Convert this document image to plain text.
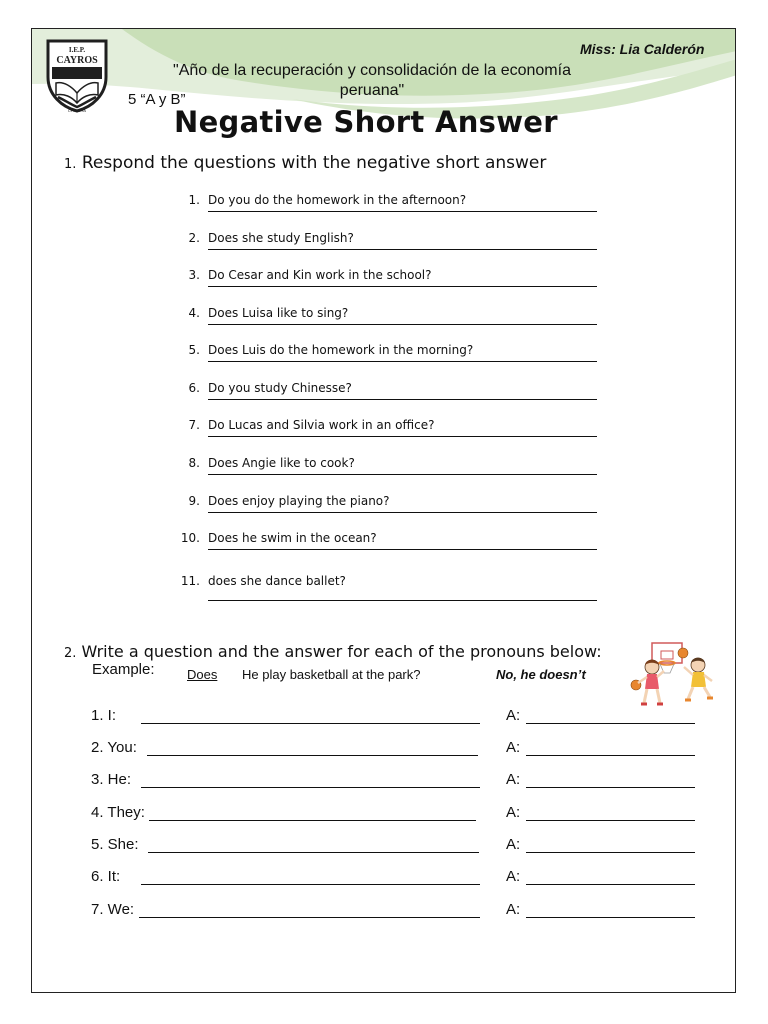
I.E.P.
CAYROS
CHINCHA
Miss: Lia Calderón
"Año de la recuperación y consolidación de la economía peruana"
5 “A y B”
Negative Short Answer
1. Respond the questions with the negative short answer
1. Do you do the homework in the afternoon?
2. Does she study English?
3. Do Cesar and Kin work in the school?
4. Does Luisa like to sing?
5. Does Luis do the homework in the morning?
6. Do you study Chinesse?
7. Do Lucas and Silvia work in an office?
8. Does Angie like to cook?
9. Does enjoy playing the piano?
10. Does he swim in the ocean?
11. does she dance ballet?
2. Write a question and the answer for each of the pronouns below:
Example: Does He play basketball at the park?	No, he doesn’t
1. I:	A:
2. You:	A:
3. He:	A:
4. They:	A:
5. She:	A:
6. It:	A:
7. We:	A:
